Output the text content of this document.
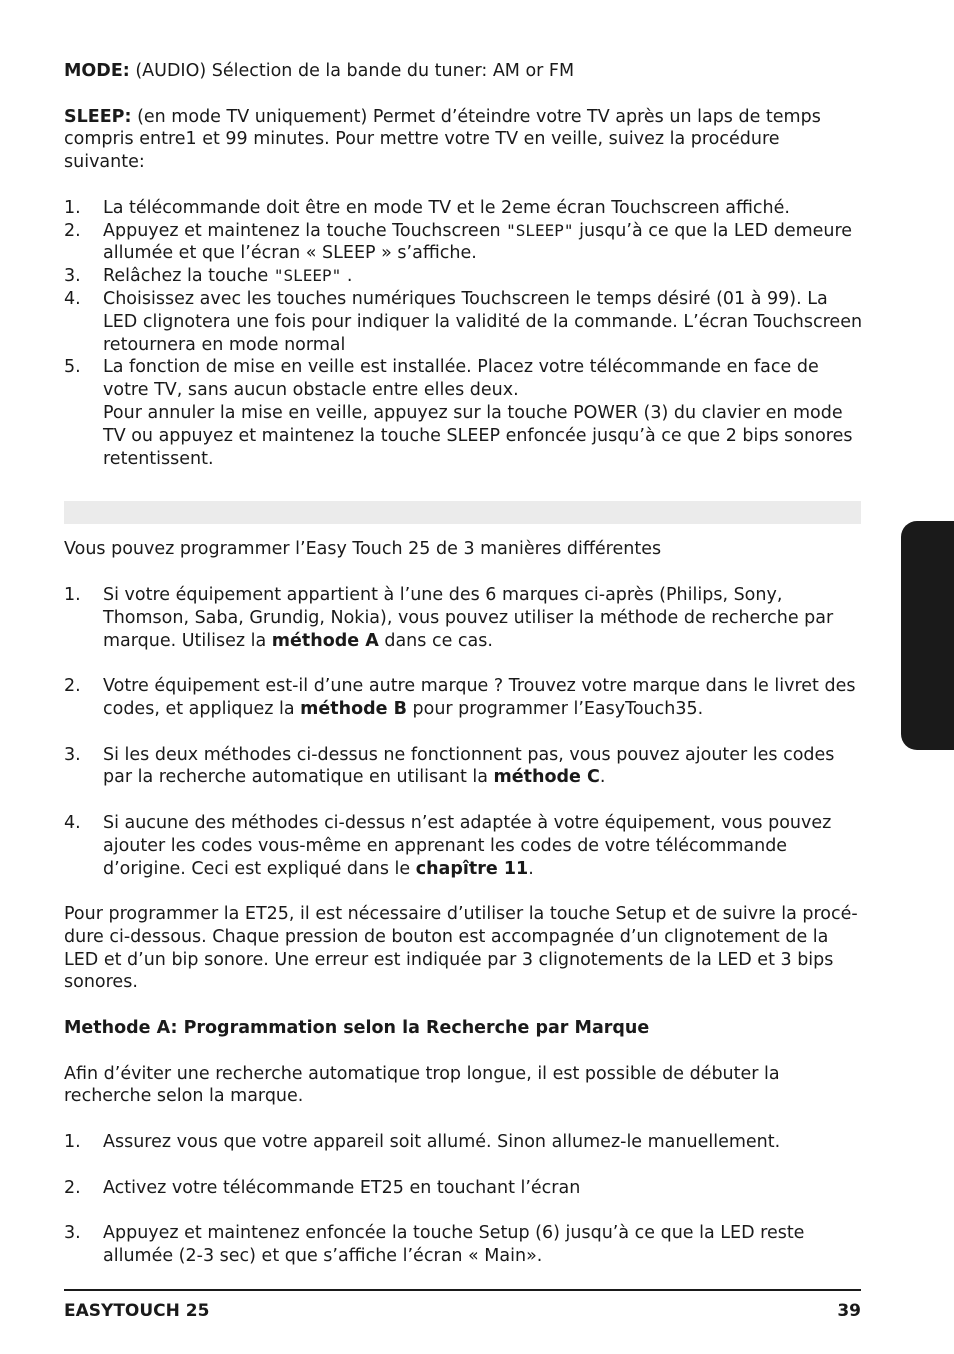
MODE: (AUDIO) Sélection de la bande du tuner: AM or FM

SLEEP: (en mode TV uniquement) Permet d’éteindre votre TV après un laps de temps compris entre1 et 99 minutes. Pour mettre votre TV en veille, suivez la procédure suivante:

1. La télécommande doit être en mode TV et le 2eme écran Touchscreen affiché.
2. Appuyez et maintenez la touche Touchscreen "SLEEP" jusqu’à ce que la LED demeure allumée et que l’écran « SLEEP » s’affiche.
3. Relâchez la touche "SLEEP" .
4. Choisissez avec les touches numériques Touchscreen le temps désiré (01 à 99). La LED clignotera une fois pour indiquer la validité de la commande. L’écran Touchscreen retournera en mode normal
5. La fonction de mise en veille est installée. Placez votre télécommande en face de votre TV, sans aucun obstacle entre elles deux.
Pour annuler la mise en veille, appuyez sur la touche POWER (3) du clavier en mode TV ou appuyez et maintenez la touche SLEEP enfoncée jusqu’à ce que 2 bips sonores retentissent.

Vous pouvez programmer l’Easy Touch 25 de 3 manières différentes

1. Si votre équipement appartient à l’une des 6 marques ci-après (Philips, Sony, Thomson, Saba, Grundig, Nokia), vous pouvez utiliser la méthode de recherche par marque. Utilisez la méthode A dans ce cas.
2. Votre équipement est-il d’une autre marque ? Trouvez votre marque dans le livret des codes, et appliquez la méthode B pour programmer l’EasyTouch35.
3. Si les deux méthodes ci-dessus ne fonctionnent pas, vous pouvez ajouter les codes par la recherche automatique en utilisant la méthode C.
4. Si aucune des méthodes ci-dessus n’est adaptée à votre équipement, vous pouvez ajouter les codes vous-même en apprenant les codes de votre télécommande d’origine. Ceci est expliqué dans le chapître 11.

Pour programmer la ET25, il est nécessaire d’utiliser la touche Setup et de suivre la procé-dure ci-dessous. Chaque pression de bouton est accompagnée d’un clignotement de la LED et d’un bip sonore. Une erreur est indiquée par 3 clignotements de la LED et 3 bips sonores.

Methode A: Programmation selon la Recherche par Marque

Afin d’éviter une recherche automatique trop longue, il est possible de débuter la recherche selon la marque.

1. Assurez vous que votre appareil soit allumé. Sinon allumez-le manuellement.
2. Activez votre télécommande ET25 en touchant l’écran
3. Appuyez et maintenez enfoncée la touche Setup (6) jusqu’à ce que la LED reste allumée (2-3 sec) et que s’affiche l’écran « Main».
EASYTOUCH 25	39
